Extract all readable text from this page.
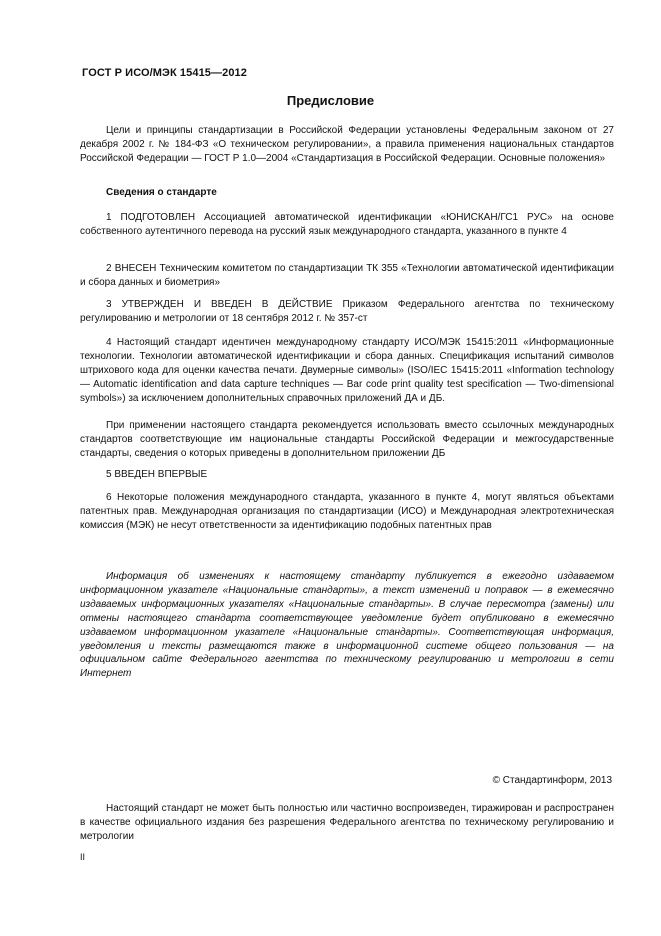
ГОСТ Р ИСО/МЭК 15415—2012
Предисловие

Цели и принципы стандартизации в Российской Федерации установлены Федеральным законом от 27 декабря 2002 г. № 184-ФЗ «О техническом регулировании», а правила применения национальных стандартов Российской Федерации — ГОСТ Р 1.0—2004 «Стандартизация в Российской Федерации. Основные положения»

Сведения о стандарте

1 ПОДГОТОВЛЕН Ассоциацией автоматической идентификации «ЮНИСКАН/ГС1 РУС» на основе собственного аутентичного перевода на русский язык международного стандарта, указанного в пункте 4

2 ВНЕСЕН Техническим комитетом по стандартизации ТК 355 «Технологии автоматической идентификации и сбора данных и биометрия»

3 УТВЕРЖДЕН И ВВЕДЕН В ДЕЙСТВИЕ Приказом Федерального агентства по техническому регулированию и метрологии от 18 сентября 2012 г. № 357-ст

4 Настоящий стандарт идентичен международному стандарту ИСО/МЭК 15415:2011 «Информационные технологии. Технологии автоматической идентификации и сбора данных. Спецификация испытаний символов штрихового кода для оценки качества печати. Двумерные символы» (ISO/IEC 15415:2011 «Information technology — Automatic identification and data capture techniques — Bar code print quality test specification — Two-dimensional symbols») за исключением дополнительных справочных приложений ДА и ДБ.

При применении настоящего стандарта рекомендуется использовать вместо ссылочных международных стандартов соответствующие им национальные стандарты Российской Федерации и межгосударственные стандарты, сведения о которых приведены в дополнительном приложении ДБ

5 ВВЕДЕН ВПЕРВЫЕ

6 Некоторые положения международного стандарта, указанного в пункте 4, могут являться объектами патентных прав. Международная организация по стандартизации (ИСО) и Международная электротехническая комиссия (МЭК) не несут ответственности за идентификацию подобных патентных прав

Информация об изменениях к настоящему стандарту публикуется в ежегодно издаваемом информационном указателе «Национальные стандарты», а текст изменений и поправок — в ежемесячно издаваемых информационных указателях «Национальные стандарты». В случае пересмотра (замены) или отмены настоящего стандарта соответствующее уведомление будет опубликовано в ежемесячно издаваемом информационном указателе «Национальные стандарты». Соответствующая информация, уведомления и тексты размещаются также в информационной системе общего пользования — на официальном сайте Федерального агентства по техническому регулированию и метрологии в сети Интернет

© Стандартинформ, 2013

Настоящий стандарт не может быть полностью или частично воспроизведен, тиражирован и распространен в качестве официального издания без разрешения Федерального агентства по техническому регулированию и метрологии

II
